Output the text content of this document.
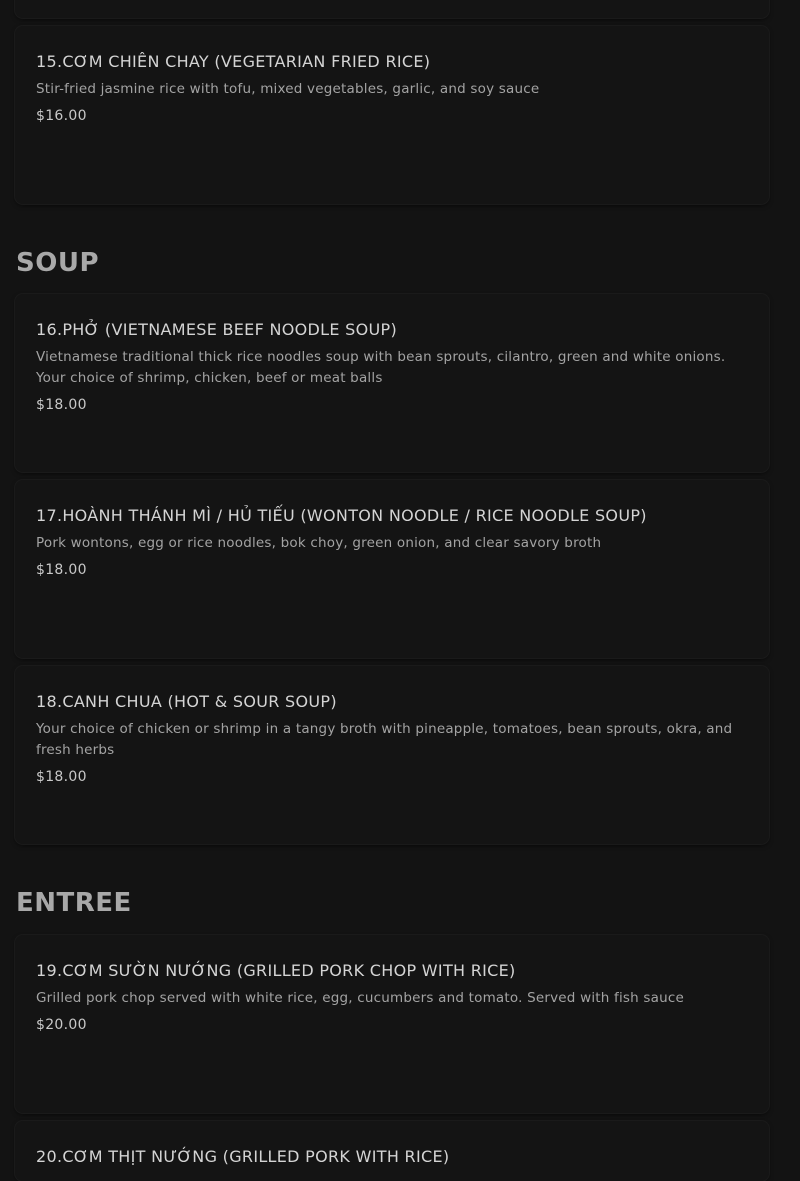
15.CƠM CHIÊN CHAY (VEGETARIAN FRIED RICE)
Stir-fried jasmine rice with tofu, mixed vegetables, garlic, and soy sauce
$16.00
SOUP
16.PHỞ (VIETNAMESE BEEF NOODLE SOUP)
Vietnamese traditional thick rice noodles soup with bean sprouts, cilantro, green and white onions. Your choice of shrimp, chicken, beef or meat balls
$18.00
17.HOÀNH THÁNH MÌ / HỦ TIẾU (WONTON NOODLE / RICE NOODLE SOUP)
Pork wontons, egg or rice noodles, bok choy, green onion, and clear savory broth
$18.00
18.CANH CHUA (HOT & SOUR SOUP)
Your choice of chicken or shrimp in a tangy broth with pineapple, tomatoes, bean sprouts, okra, and fresh herbs
$18.00
ENTREE
19.CƠM SƯỜN NƯỚNG (GRILLED PORK CHOP WITH RICE)
Grilled pork chop served with white rice, egg, cucumbers and tomato. Served with fish sauce
$20.00
20.CƠM THỊT NƯỚNG (GRILLED PORK WITH RICE)
